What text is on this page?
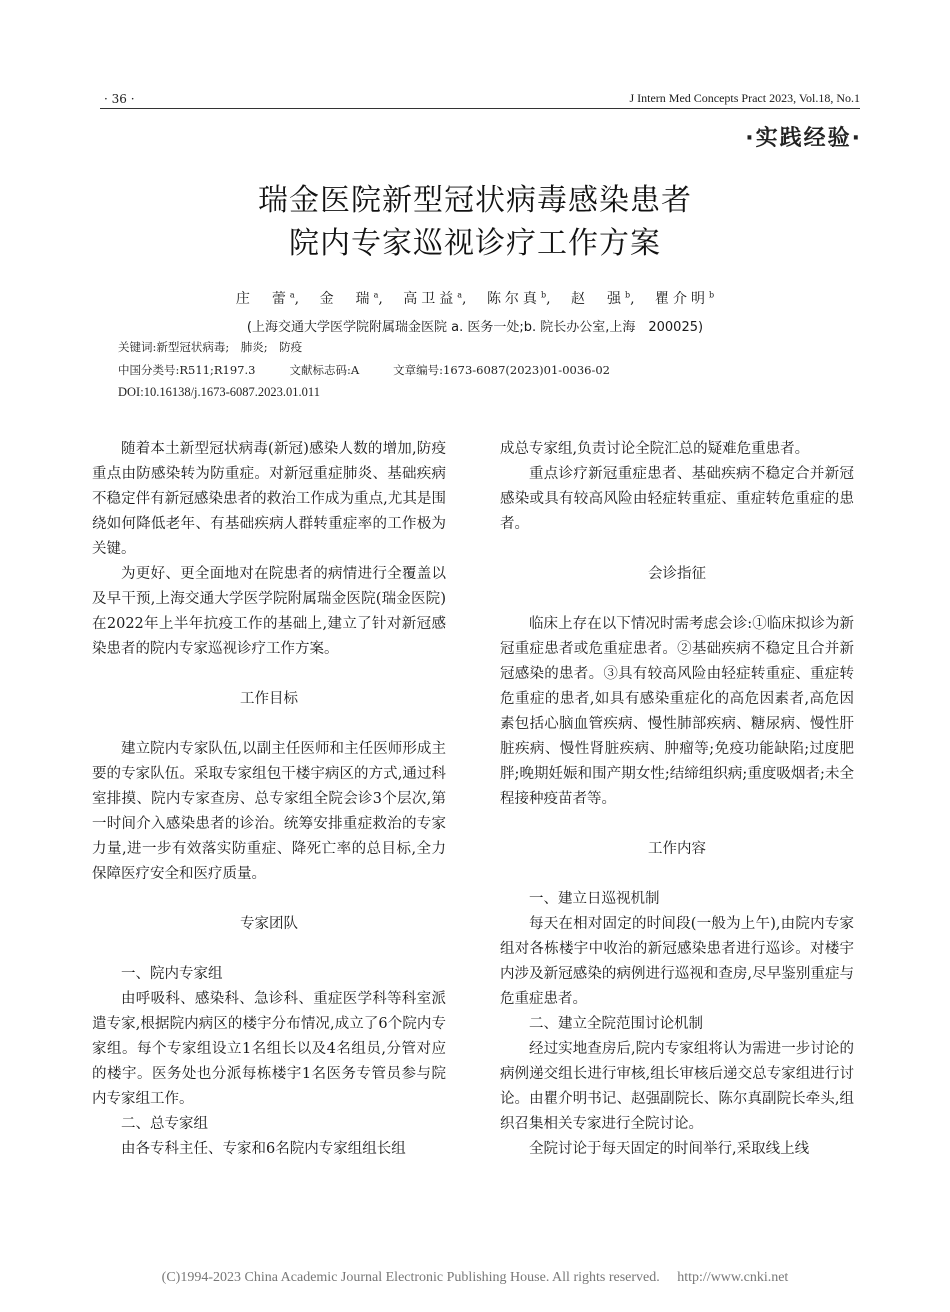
· 36 ·	J Intern Med Concepts Pract 2023, Vol.18, No.1
·实践经验·
瑞金医院新型冠状病毒感染患者
院内专家巡视诊疗工作方案
庄　蕾$^a$, 金　瑞$^a$, 高卫益$^a$, 陈尔真$^b$, 赵　强$^b$, 瞿介明$^b$
(上海交通大学医学院附属瑞金医院 a. 医务一处;b. 院长办公室,上海　200025)
关键词:新型冠状病毒;　肺炎;　防疫
中国分类号:R511;R197.3	文献标志码:A	文章编号:1673-6087(2023)01-0036-02
DOI:10.16138/j.1673-6087.2023.01.011

随着本土新型冠状病毒(新冠)感染人数的增加,防疫重点由防感染转为防重症。对新冠重症肺炎、基础疾病不稳定伴有新冠感染患者的救治工作成为重点,尤其是围绕如何降低老年、有基础疾病人群转重症率的工作极为关键。

为更好、更全面地对在院患者的病情进行全覆盖以及早干预,上海交通大学医学院附属瑞金医院(瑞金医院)在2022年上半年抗疫工作的基础上,建立了针对新冠感染患者的院内专家巡视诊疗工作方案。

工作目标

建立院内专家队伍,以副主任医师和主任医师形成主要的专家队伍。采取专家组包干楼宇病区的方式,通过科室排摸、院内专家查房、总专家组全院会诊3个层次,第一时间介入感染患者的诊治。统筹安排重症救治的专家力量,进一步有效落实防重症、降死亡率的总目标,全力保障医疗安全和医疗质量。

专家团队

一、院内专家组

由呼吸科、感染科、急诊科、重症医学科等科室派遣专家,根据院内病区的楼宇分布情况,成立了6个院内专家组。每个专家组设立1名组长以及4名组员,分管对应的楼宇。医务处也分派每栋楼宇1名医务专管员参与院内专家组工作。

二、总专家组

由各专科主任、专家和6名院内专家组组长组

成总专家组,负责讨论全院汇总的疑难危重患者。

重点诊疗新冠重症患者、基础疾病不稳定合并新冠感染或具有较高风险由轻症转重症、重症转危重症的患者。

会诊指征

临床上存在以下情况时需考虑会诊:①临床拟诊为新冠重症患者或危重症患者。②基础疾病不稳定且合并新冠感染的患者。③具有较高风险由轻症转重症、重症转危重症的患者,如具有感染重症化的高危因素者,高危因素包括心脑血管疾病、慢性肺部疾病、糖尿病、慢性肝脏疾病、慢性肾脏疾病、肿瘤等;免疫功能缺陷;过度肥胖;晚期妊娠和围产期女性;结缔组织病;重度吸烟者;未全程接种疫苗者等。

工作内容

一、建立日巡视机制

每天在相对固定的时间段(一般为上午),由院内专家组对各栋楼宇中收治的新冠感染患者进行巡诊。对楼宇内涉及新冠感染的病例进行巡视和查房,尽早鉴别重症与危重症患者。

二、建立全院范围讨论机制

经过实地查房后,院内专家组将认为需进一步讨论的病例递交组长进行审核,组长审核后递交总专家组进行讨论。由瞿介明书记、赵强副院长、陈尔真副院长牵头,组织召集相关专家进行全院讨论。

全院讨论于每天固定的时间举行,采取线上线

(C)1994-2023 China Academic Journal Electronic Publishing House. All rights reserved.　 http://www.cnki.net
